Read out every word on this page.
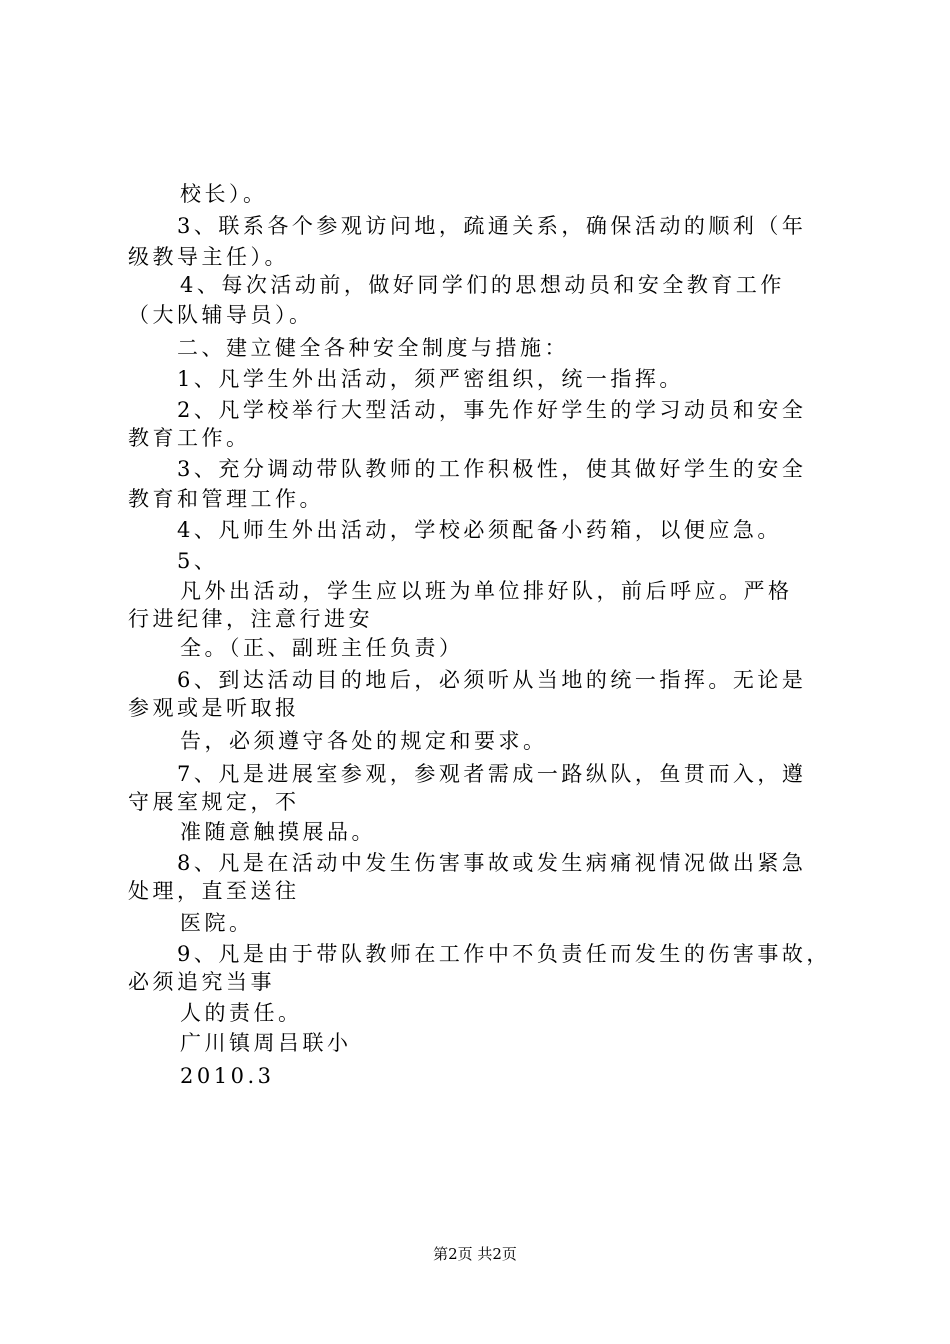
校长）。
3、联系各个参观访问地，疏通关系，确保活动的顺利（年
级教导主任）。
4、每次活动前，做好同学们的思想动员和安全教育工作
（大队辅导员）。
二、建立健全各种安全制度与措施：
1、凡学生外出活动，须严密组织，统一指挥。
2、凡学校举行大型活动，事先作好学生的学习动员和安全
教育工作。
3、充分调动带队教师的工作积极性，使其做好学生的安全
教育和管理工作。
4、凡师生外出活动，学校必须配备小药箱，以便应急。
5、
凡外出活动，学生应以班为单位排好队，前后呼应。严格
行进纪律，注意行进安
全。（正、副班主任负责）
6、到达活动目的地后，必须听从当地的统一指挥。无论是
参观或是听取报
告，必须遵守各处的规定和要求。
7、凡是进展室参观，参观者需成一路纵队，鱼贯而入，遵
守展室规定，不
准随意触摸展品。
8、凡是在活动中发生伤害事故或发生病痛视情况做出紧急
处理，直至送往
医院。
9、凡是由于带队教师在工作中不负责任而发生的伤害事故，
必须追究当事
人的责任。
广川镇周吕联小
2010.3
第2页 共2页
